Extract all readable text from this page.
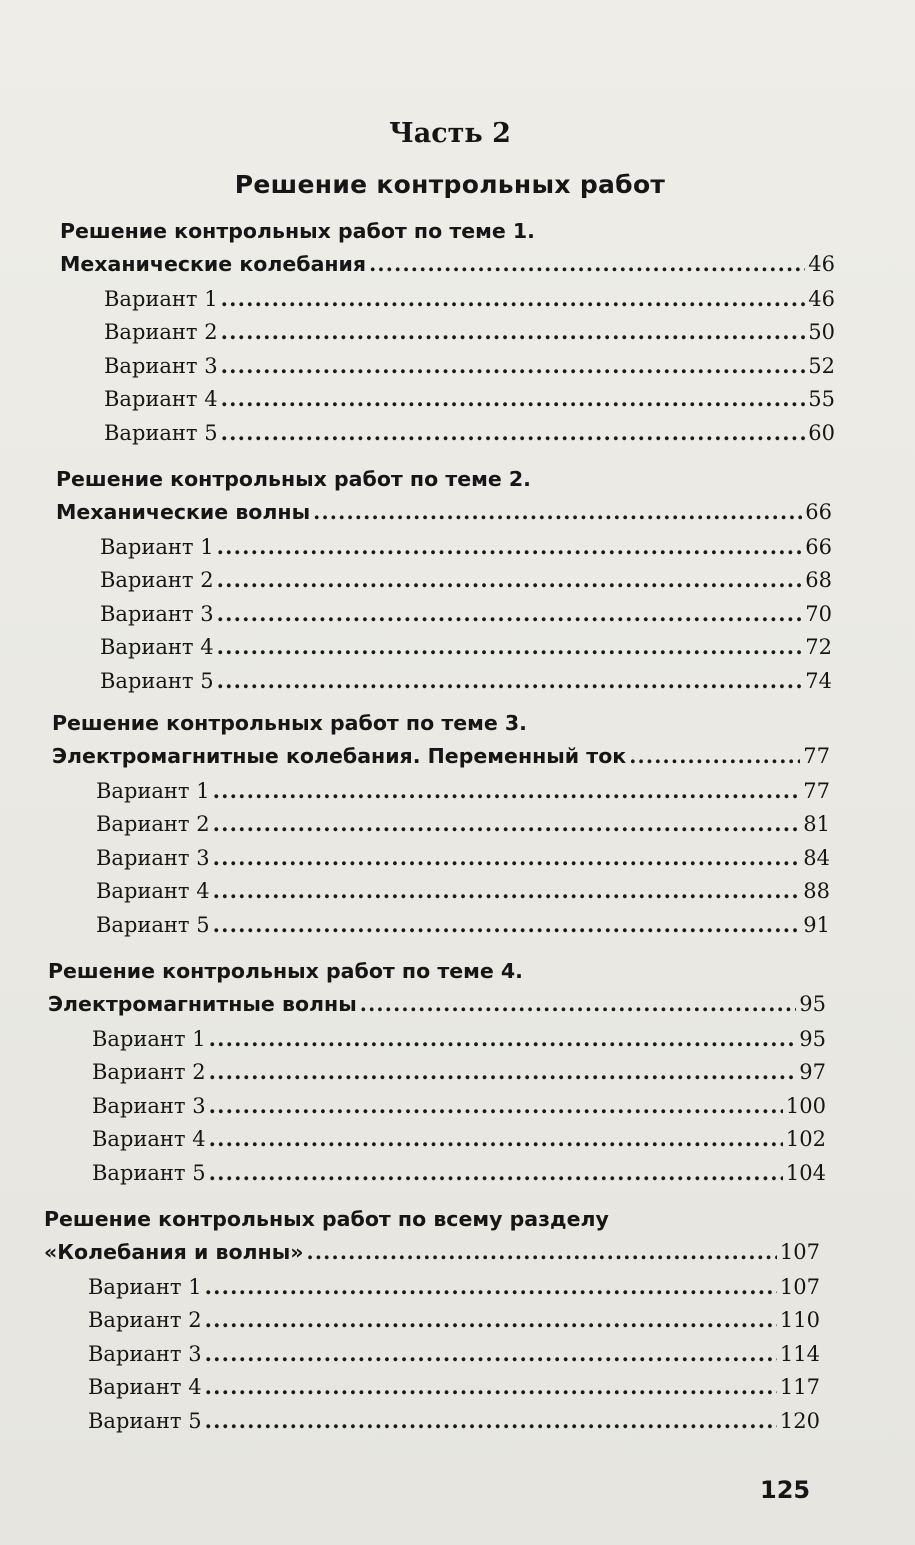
Часть 2
Решение контрольных работ
Решение контрольных работ по теме 1.
Механические колебания .....	46
Вариант 1 .....	46
Вариант 2 .....	50
Вариант 3 .....	52
Вариант 4 .....	55
Вариант 5 .....	60
Решение контрольных работ по теме 2.
Механические волны .....	66
Вариант 1 .....	66
Вариант 2 .....	68
Вариант 3 .....	70
Вариант 4 .....	72
Вариант 5 .....	74
Решение контрольных работ по теме 3.
Электромагнитные колебания. Переменный ток .....	77
Вариант 1 .....	77
Вариант 2 .....	81
Вариант 3 .....	84
Вариант 4 .....	88
Вариант 5 .....	91
Решение контрольных работ по теме 4.
Электромагнитные волны .....	95
Вариант 1 .....	95
Вариант 2 .....	97
Вариант 3 .....	100
Вариант 4 .....	102
Вариант 5 .....	104
Решение контрольных работ по всему разделу
«Колебания и волны» .....	107
Вариант 1 .....	107
Вариант 2 .....	110
Вариант 3 .....	114
Вариант 4 .....	117
Вариант 5 .....	120
125
